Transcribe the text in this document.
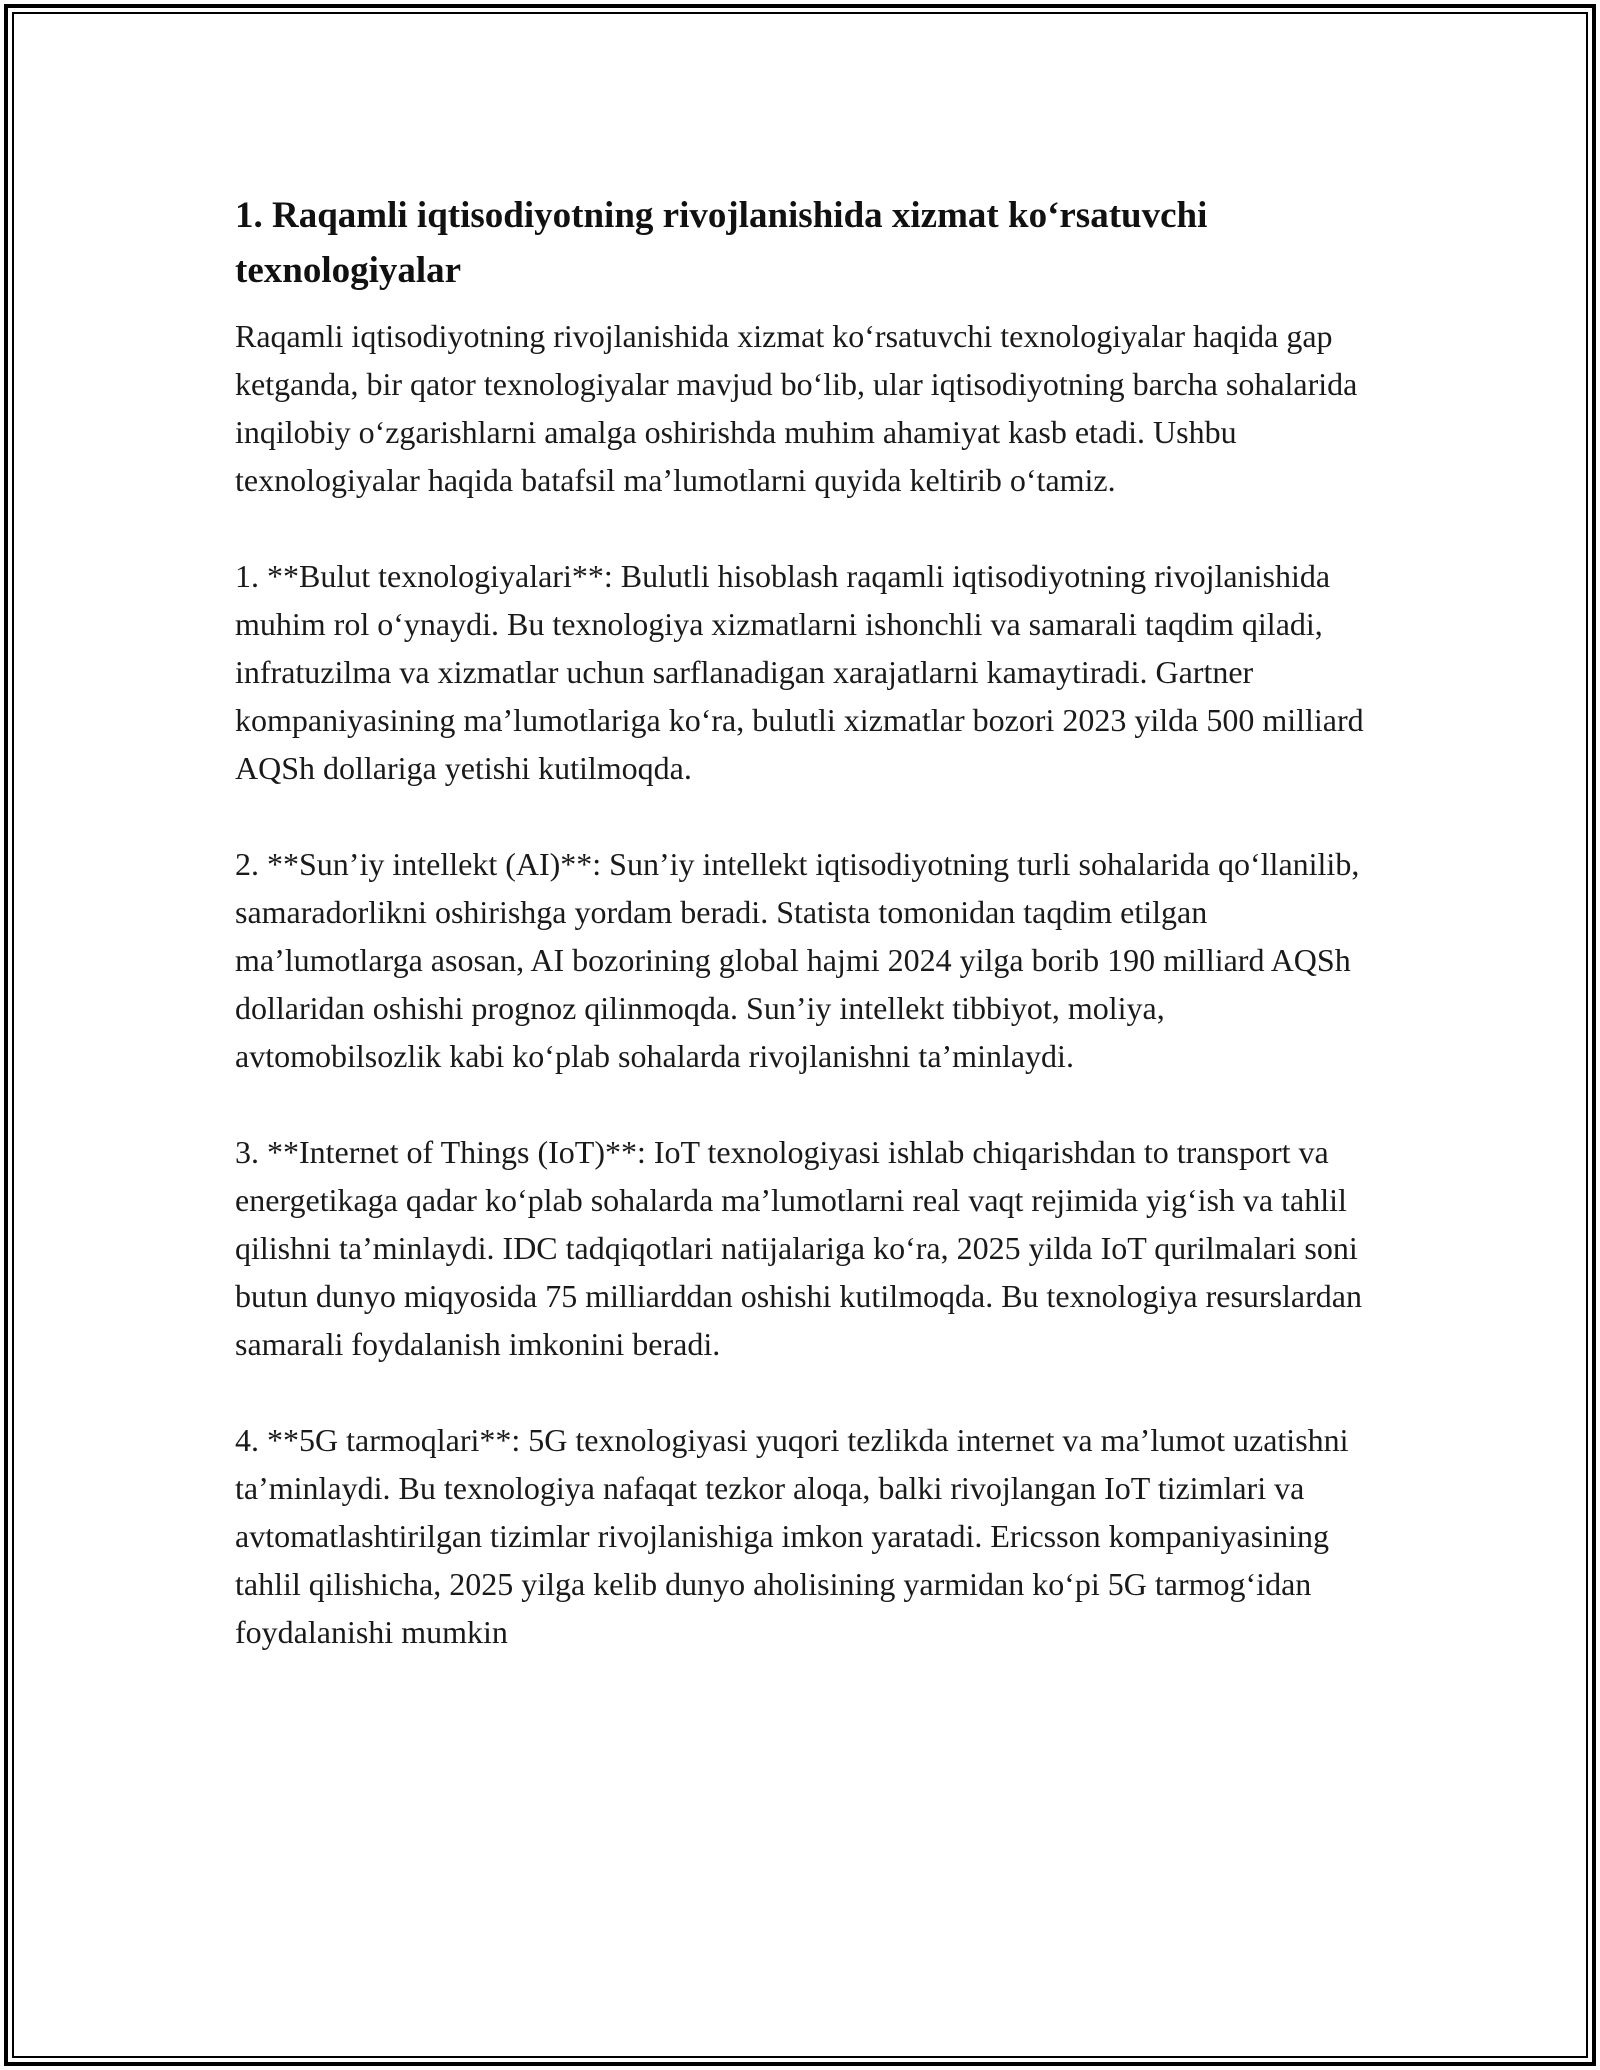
1. Raqamli iqtisodiyotning rivojlanishida xizmat ko‘rsatuvchi texnologiyalar

Raqamli iqtisodiyotning rivojlanishida xizmat ko‘rsatuvchi texnologiyalar haqida gap ketganda, bir qator texnologiyalar mavjud bo‘lib, ular iqtisodiyotning barcha sohalarida inqilobiy o‘zgarishlarni amalga oshirishda muhim ahamiyat kasb etadi. Ushbu texnologiyalar haqida batafsil ma’lumotlarni quyida keltirib o‘tamiz.

1. **Bulut texnologiyalari**: Bulutli hisoblash raqamli iqtisodiyotning rivojlanishida muhim rol o‘ynaydi. Bu texnologiya xizmatlarni ishonchli va samarali taqdim qiladi, infratuzilma va xizmatlar uchun sarflanadigan xarajatlarni kamaytiradi. Gartner kompaniyasining ma’lumotlariga ko‘ra, bulutli xizmatlar bozori 2023 yilda 500 milliard AQSh dollariga yetishi kutilmoqda.

2. **Sun’iy intellekt (AI)**: Sun’iy intellekt iqtisodiyotning turli sohalarida qo‘llanilib, samaradorlikni oshirishga yordam beradi. Statista tomonidan taqdim etilgan ma’lumotlarga asosan, AI bozorining global hajmi 2024 yilga borib 190 milliard AQSh dollaridan oshishi prognoz qilinmoqda. Sun’iy intellekt tibbiyot, moliya, avtomobilsozlik kabi ko‘plab sohalarda rivojlanishni ta’minlaydi.

3. **Internet of Things (IoT)**: IoT texnologiyasi ishlab chiqarishdan to transport va energetikaga qadar ko‘plab sohalarda ma’lumotlarni real vaqt rejimida yig‘ish va tahlil qilishni ta’minlaydi. IDC tadqiqotlari natijalariga ko‘ra, 2025 yilda IoT qurilmalari soni butun dunyo miqyosida 75 milliarddan oshishi kutilmoqda. Bu texnologiya resurslardan samarali foydalanish imkonini beradi.

4. **5G tarmoqlari**: 5G texnologiyasi yuqori tezlikda internet va ma’lumot uzatishni ta’minlaydi. Bu texnologiya nafaqat tezkor aloqa, balki rivojlangan IoT tizimlari va avtomatlashtirilgan tizimlar rivojlanishiga imkon yaratadi. Ericsson kompaniyasining tahlil qilishicha, 2025 yilga kelib dunyo aholisining yarmidan ko‘pi 5G tarmog‘idan foydalanishi mumkin
